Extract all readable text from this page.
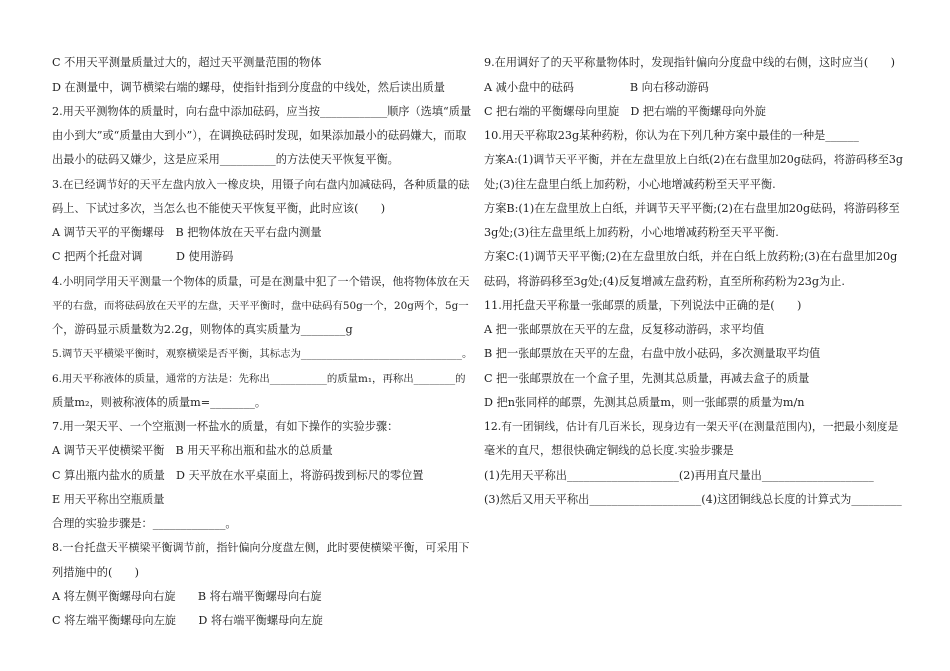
C 不用天平测量质量过大的，超过天平测量范围的物体
D 在测量中，调节横梁右端的螺母，使指针指到分度盘的中线处，然后读出质量
2.用天平测物体的质量时，向右盘中添加砝码，应当按____________顺序（选填“质量
由小到大”或“质量由大到小”），在调换砝码时发现，如果添加最小的砝码嫌大，而取
出最小的砝码又嫌少，这是应采用__________的方法使天平恢复平衡。
3.在已经调节好的天平左盘内放入一橡皮块，用镊子向右盘内加减砝码，各种质量的砝
码上、下试过多次，当怎么也不能使天平恢复平衡，此时应该(　　)
A 调节天平的平衡螺母　B 把物体放在天平右盘内测量
C 把两个托盘对调　　　D 使用游码
4.小明同学用天平测量一个物体的质量，可是在测量中犯了一个错误，他将物体放在天
平的右盘，而将砝码放在天平的左盘，天平平衡时，盘中砝码有50g一个，20g两个，5g一
个，游码显示质量数为2.2g，则物体的真实质量为________g
5.调节天平横梁平衡时，观察横梁是否平衡，其标志为_______________________________。
6.用天平称液体的质量，通常的方法是：先称出___________的质量m₁，再称出________的
质量m₂，则被称液体的质量m=________。
7.用一架天平、一个空瓶测一杯盐水的质量，有如下操作的实验步骤：
A 调节天平使横梁平衡　B 用天平称出瓶和盐水的总质量
C 算出瓶内盐水的质量　D 天平放在水平桌面上，将游码拨到标尺的零位置
E 用天平称出空瓶质量
合理的实验步骤是：_____________。
8.一台托盘天平横梁平衡调节前，指针偏向分度盘左侧，此时要使横梁平衡，可采用下
列措施中的(　　)
A 将左侧平衡螺母向右旋　　B 将右端平衡螺母向右旋
C 将左端平衡螺母向左旋　　D 将右端平衡螺母向左旋
9.在用调好了的天平称量物体时，发现指针偏向分度盘中线的右侧，这时应当(　　)
A 减小盘中的砝码　　　　　B 向右移动游码
C 把右端的平衡螺母向里旋　D 把右端的平衡螺母向外旋
10.用天平称取23g某种药粉，你认为在下列几种方案中最佳的一种是______
方案A:(1)调节天平平衡，并在左盘里放上白纸(2)在右盘里加20g砝码，将游码移至3g
处;(3)往左盘里白纸上加药粉，小心地增减药粉至天平平衡.
方案B:(1)在左盘里放上白纸，并调节天平平衡;(2)在右盘里加20g砝码，将游码移至
3g处;(3)往左盘里纸上加药粉，小心地增减药粉至天平平衡.
方案C:(1)调节天平平衡;(2)在左盘里放白纸，并在白纸上放药粉;(3)在右盘里加20g
砝码，将游码移至3g处;(4)反复增减左盘药粉，直至所称药粉为23g为止.
11.用托盘天平称量一张邮票的质量，下列说法中正确的是(　　)
A 把一张邮票放在天平的左盘，反复移动游码，求平均值
B 把一张邮票放在天平的左盘，右盘中放小砝码，多次测量取平均值
C 把一张邮票放在一个盒子里，先测其总质量，再减去盒子的质量
D 把n张同样的邮票，先测其总质量m，则一张邮票的质量为m/n
12.有一团铜线，估计有几百米长，现身边有一架天平(在测量范围内)，一把最小刻度是
毫米的直尺，想很快确定铜线的总长度.实验步骤是
(1)先用天平称出____________________(2)再用直尺量出____________________
(3)然后又用天平称出____________________(4)这团铜线总长度的计算式为_________
